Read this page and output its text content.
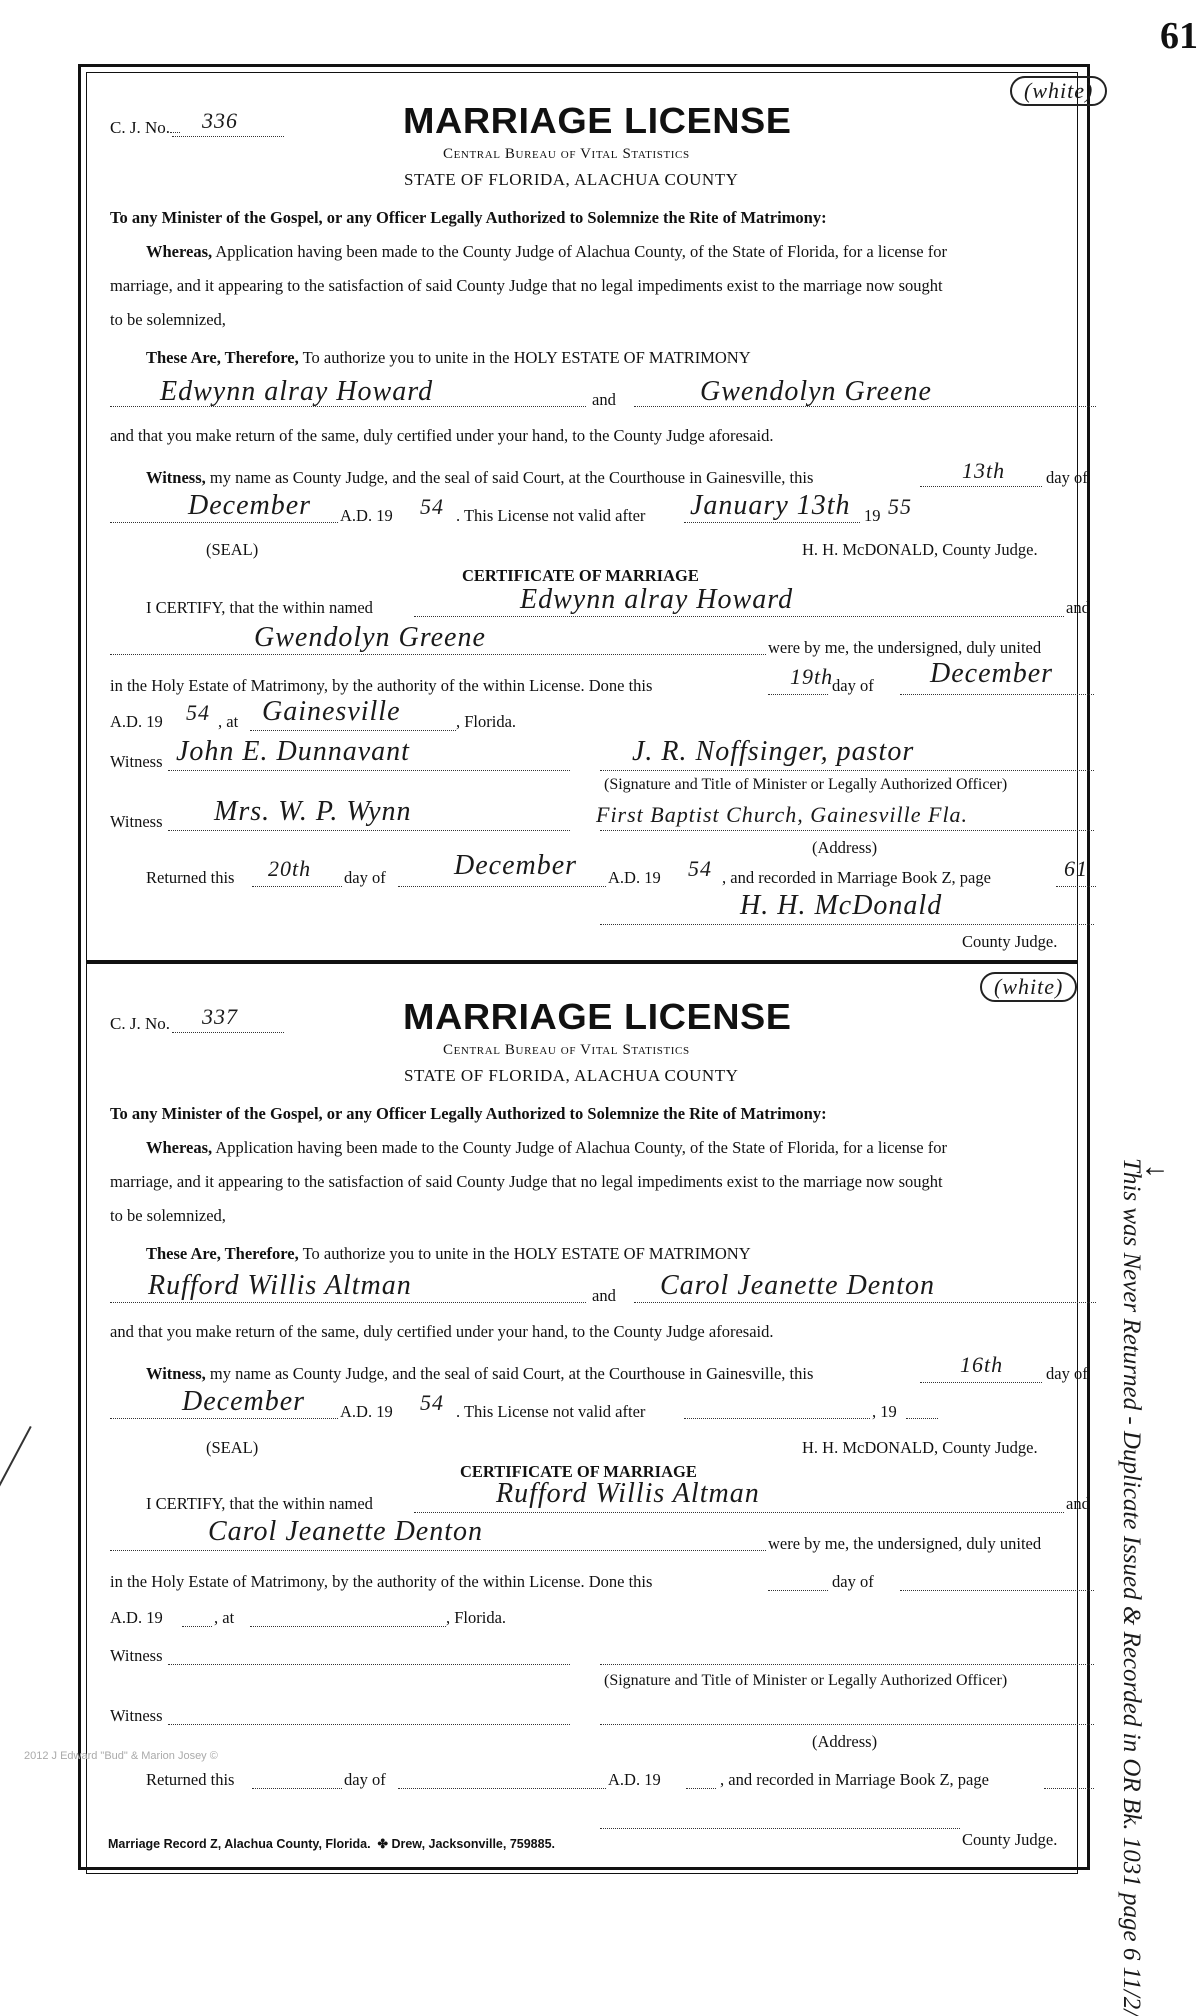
61
(white)
C. J. No.	336	MARRIAGE LICENSE
Central Bureau of Vital Statistics
STATE OF FLORIDA, ALACHUA COUNTY
To any Minister of the Gospel, or any Officer Legally Authorized to Solemnize the Rite of Matrimony:
Whereas, Application having been made to the County Judge of Alachua County, of the State of Florida, for a license for
marriage, and it appearing to the satisfaction of said County Judge that no legal impediments exist to the marriage now sought
to be solemnized,
These Are, Therefore, To authorize you to unite in the HOLY ESTATE OF MATRIMONY
Edwynn alray Howard	and	Gwendolyn Greene
and that you make return of the same, duly certified under your hand, to the County Judge aforesaid.
Witness, my name as County Judge, and the seal of said Court, at the Courthouse in Gainesville, this	13th day of
December A.D. 19 54 . This License not valid after January 13th 19 55
(SEAL)	H. H. McDONALD, County Judge.
CERTIFICATE OF MARRIAGE
I CERTIFY, that the within named	Edwynn alray Howard	and
Gwendolyn Greene	were by me, the undersigned, duly united
in the Holy Estate of Matrimony, by the authority of the within License. Done this	19th
day of December
A.D. 19 54 , at Gainesville	, Florida.
Witness John E. Dunnavant	J. R. Noffsinger, pastor
(Signature and Title of Minister or Legally Authorized Officer)
Witness Mrs. W. P. Wynn	First Baptist Church, Gainesville Fla.
(Address)
Returned this 20th day of December A.D. 19 54 , and recorded in Marriage Book Z, page	61
H. H. McDonald
County Judge.
(white)
C. J. No. 337	MARRIAGE LICENSE
Central Bureau of Vital Statistics
STATE OF FLORIDA, ALACHUA COUNTY
To any Minister of the Gospel, or any Officer Legally Authorized to Solemnize the Rite of Matrimony:
Whereas, Application having been made to the County Judge of Alachua County, of the State of Florida, for a license for
marriage, and it appearing to the satisfaction of said County Judge that no legal impediments exist to the marriage now sought
to be solemnized,
These Are, Therefore, To authorize you to unite in the HOLY ESTATE OF MATRIMONY
Rufford Willis Altman	and Carol Jeanette Denton
and that you make return of the same, duly certified under your hand, to the County Judge aforesaid.
Witness, my name as County Judge, and the seal of said Court, at the Courthouse in Gainesville, this	16th	day of
December A.D. 19 54 . This License not valid after	, 19
(SEAL)	H. H. McDONALD, County Judge.
CERTIFICATE OF MARRIAGE
I CERTIFY, that the within named	Rufford Willis Altman	and
Carol Jeanette Denton	were by me, the undersigned, duly united
in the Holy Estate of Matrimony, by the authority of the within License. Done this	day of
A.D. 19	, at	, Florida.
Witness
(Signature and Title of Minister or Legally Authorized Officer)
Witness
(Address)
Returned this	day of	A.D. 19	, and recorded in Marriage Book Z, page
County Judge.
Marriage Record Z, Alachua County, Florida. ✤ Drew, Jacksonville, 759885.
2012 J Edward "Bud" & Marion Josey ©
←
This was Never Returned - Duplicate Issued & Recorded in OR Bk. 1031 page 6 11/2/
